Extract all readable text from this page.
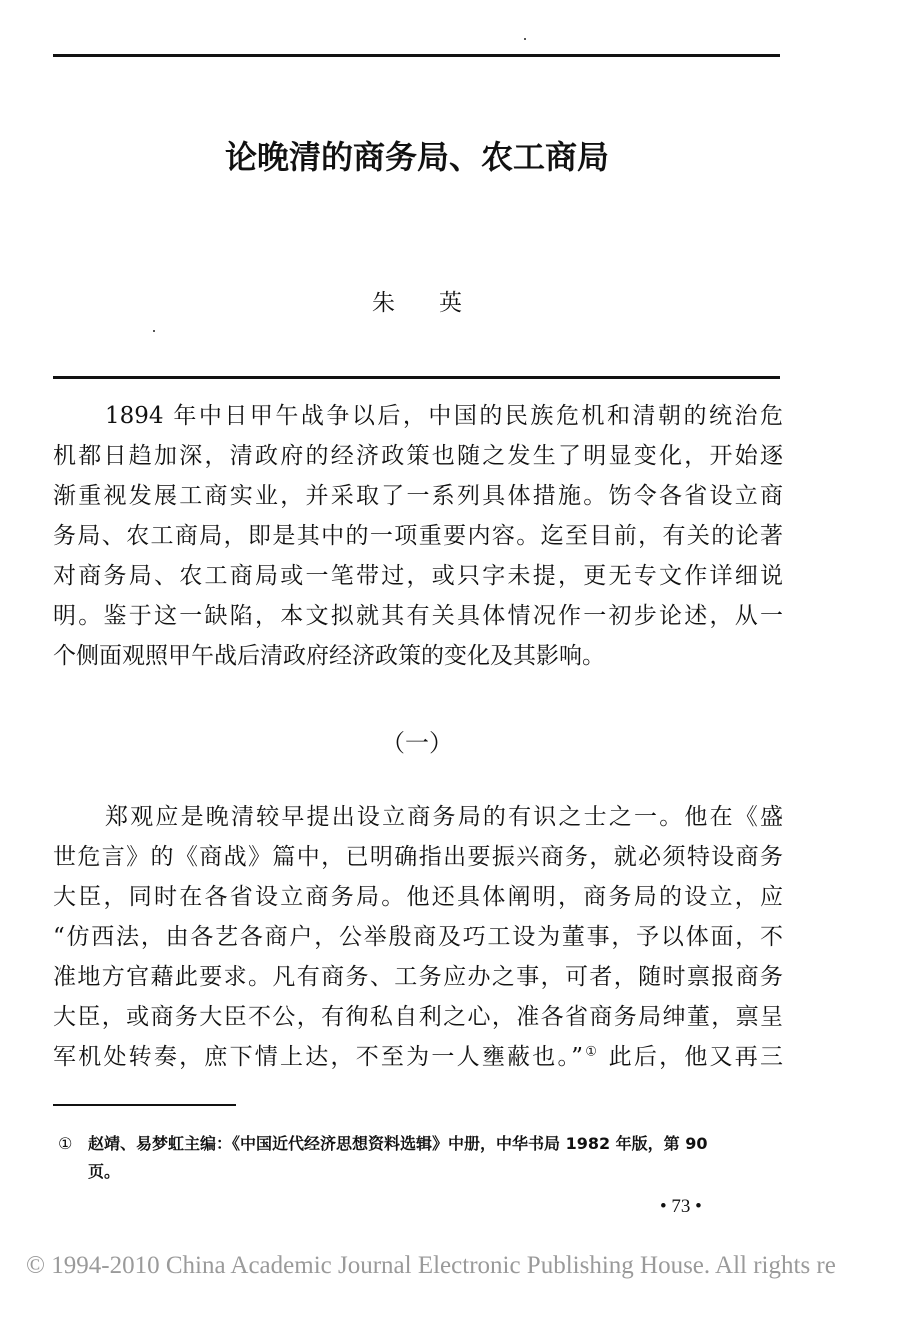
论晚清的商务局、农工商局
朱 英
1894 年中日甲午战争以后，中国的民族危机和清朝的统治危
机都日趋加深，清政府的经济政策也随之发生了明显变化，开始逐
渐重视发展工商实业，并采取了一系列具体措施。饬令各省设立商
务局、农工商局，即是其中的一项重要内容。迄至目前，有关的论著
对商务局、农工商局或一笔带过，或只字未提，更无专文作详细说
明。鉴于这一缺陷，本文拟就其有关具体情况作一初步论述，从一
个侧面观照甲午战后清政府经济政策的变化及其影响。
（一）
郑观应是晚清较早提出设立商务局的有识之士之一。他在《盛
世危言》的《商战》篇中，已明确指出要振兴商务，就必须特设商务
大臣，同时在各省设立商务局。他还具体阐明，商务局的设立，应
“仿西法，由各艺各商户，公举殷商及巧工设为董事，予以体面，不
准地方官藉此要求。凡有商务、工务应办之事，可者，随时禀报商务
大臣，或商务大臣不公，有徇私自利之心，准各省商务局绅董，禀呈
军机处转奏，庶下情上达，不至为一人壅蔽也。”① 此后，他又再三
① 赵靖、易梦虹主编：《中国近代经济思想资料选辑》中册，中华书局 1982 年版，第 90
页。
• 73 •
© 1994-2010 China Academic Journal Electronic Publishing House. All rights re
